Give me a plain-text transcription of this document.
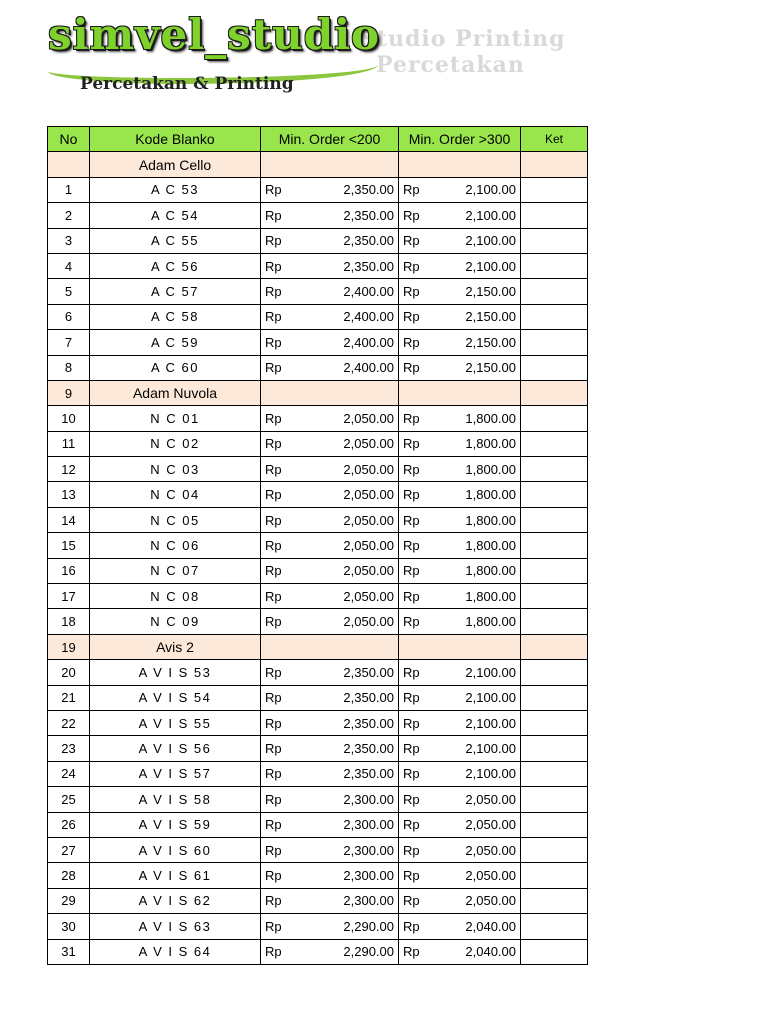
Studio Printing
Percetakan
simvel_studio
Percetakan & Printing
No	Kode Blanko	Min. Order <200	Min. Order >300	Ket
	Adam Cello			
1	A C 53	Rp 2,350.00	Rp 2,100.00	

2	A C 54	Rp 2,350.00	Rp 2,100.00	

3	A C 55	Rp 2,350.00	Rp 2,100.00	

4	A C 56	Rp 2,350.00	Rp 2,100.00	

5	A C 57	Rp 2,400.00	Rp 2,150.00	

6	A C 58	Rp 2,400.00	Rp 2,150.00	

7	A C 59	Rp 2,400.00	Rp 2,150.00	

8	A C 60	Rp 2,400.00	Rp 2,150.00	

9	Adam Nuvola			
10	N C 01	Rp 2,050.00	Rp 1,800.00	

11	N C 02	Rp 2,050.00	Rp 1,800.00	

12	N C 03	Rp 2,050.00	Rp 1,800.00	

13	N C 04	Rp 2,050.00	Rp 1,800.00	

14	N C 05	Rp 2,050.00	Rp 1,800.00	

15	N C 06	Rp 2,050.00	Rp 1,800.00	

16	N C 07	Rp 2,050.00	Rp 1,800.00	

17	N C 08	Rp 2,050.00	Rp 1,800.00	

18	N C 09	Rp 2,050.00	Rp 1,800.00	

19	Avis 2			
20	A V I S 53	Rp 2,350.00	Rp 2,100.00	

21	A V I S 54	Rp 2,350.00	Rp 2,100.00	

22	A V I S 55	Rp 2,350.00	Rp 2,100.00	

23	A V I S 56	Rp 2,350.00	Rp 2,100.00	

24	A V I S 57	Rp 2,350.00	Rp 2,100.00	

25	A V I S 58	Rp 2,300.00	Rp 2,050.00	

26	A V I S 59	Rp 2,300.00	Rp 2,050.00	

27	A V I S 60	Rp 2,300.00	Rp 2,050.00	

28	A V I S 61	Rp 2,300.00	Rp 2,050.00	

29	A V I S 62	Rp 2,300.00	Rp 2,050.00	

30	A V I S 63	Rp 2,290.00	Rp 2,040.00	

31	A V I S 64	Rp 2,290.00	Rp 2,040.00	
